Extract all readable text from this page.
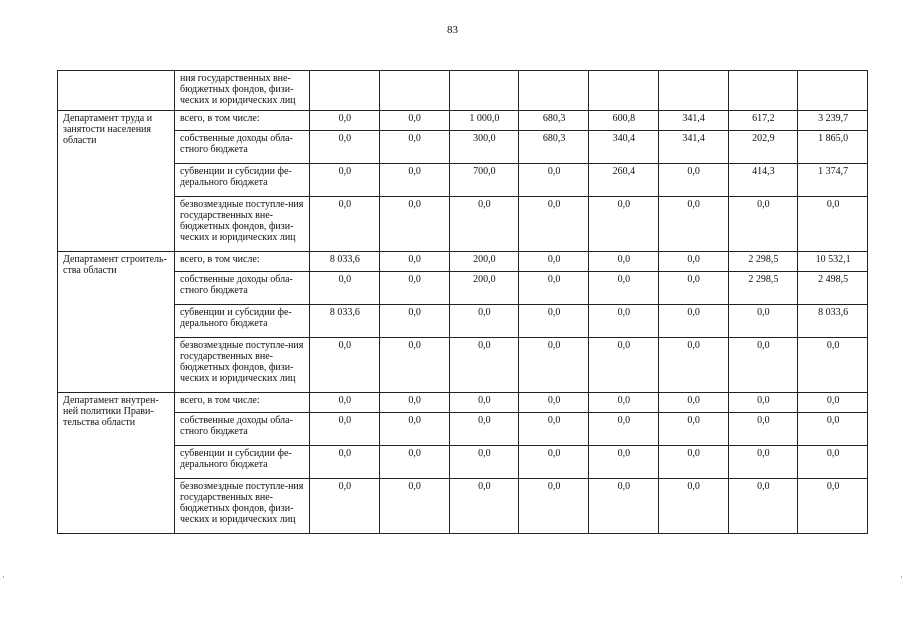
83
	ния государственных вне-бюджетных фондов, физи-ческих и юридических лиц								
Департамент труда и занятости населения области	всего, в том числе:	0,0	0,0	1 000,0	680,3	600,8	341,4	617,2	3 239,7
	собственные доходы обла-стного бюджета	0,0	0,0	300,0	680,3	340,4	341,4	202,9	1 865,0
	субвенции и субсидии фе-дерального бюджета	0,0	0,0	700,0	0,0	260,4	0,0	414,3	1 374,7
	безвозмездные поступле-ния государственных вне-бюджетных фондов, физи-ческих и юридических лиц	0,0	0,0	0,0	0,0	0,0	0,0	0,0	0,0
Департамент строитель-ства области	всего, в том числе:	8 033,6	0,0	200,0	0,0	0,0	0,0	2 298,5	10 532,1
	собственные доходы обла-стного бюджета	0,0	0,0	200,0	0,0	0,0	0,0	2 298,5	2 498,5
	субвенции и субсидии фе-дерального бюджета	8 033,6	0,0	0,0	0,0	0,0	0,0	0,0	8 033,6
	безвозмездные поступле-ния государственных вне-бюджетных фондов, физи-ческих и юридических лиц	0,0	0,0	0,0	0,0	0,0	0,0	0,0	0,0
Департамент внутрен-ней политики Прави-тельства области	всего, в том числе:	0,0	0,0	0,0	0,0	0,0	0,0	0,0	0,0
	собственные доходы обла-стного бюджета	0,0	0,0	0,0	0,0	0,0	0,0	0,0	0,0
	субвенции и субсидии фе-дерального бюджета	0,0	0,0	0,0	0,0	0,0	0,0	0,0	0,0
	безвозмездные поступле-ния государственных вне-бюджетных фондов, физи-ческих и юридических лиц	0,0	0,0	0,0	0,0	0,0	0,0	0,0	0,0
·	·
